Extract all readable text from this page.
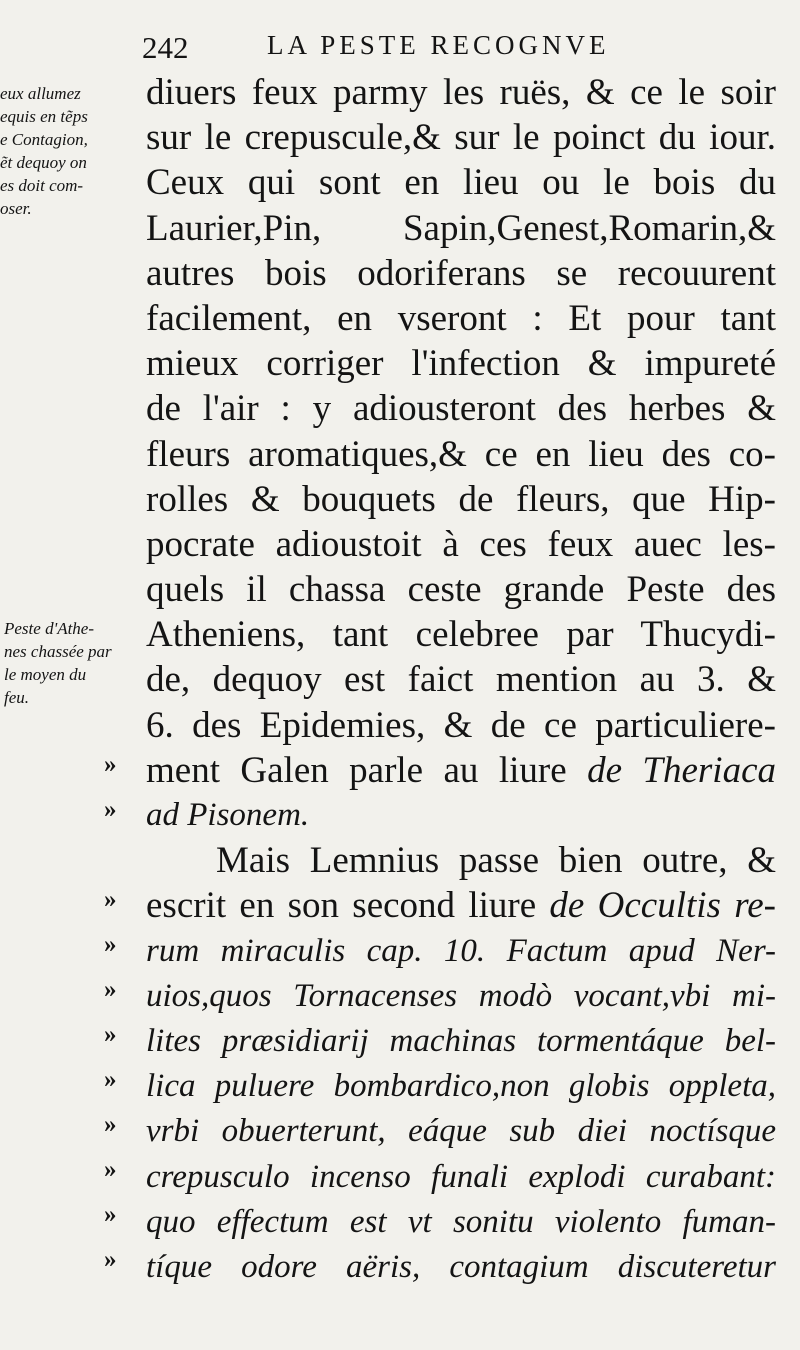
242	LA PESTE RECOGNVE
eux allumez
equis en tẽps
e Contagion,
ẽt dequoy on
es doit com-
oser.
Peste d'Athe-
nes chassée par
le moyen du
feu.
»
»
»
»
»
»
»
»
»
»
»
diuers feux parmy les ruës, & ce le soir
sur le crepuscule,& sur le poinct du iour.
Ceux qui sont en lieu ou le bois du
Laurier,Pin, Sapin,Genest,Romarin,&
autres bois odoriferans se recouurent
facilement, en vseront : Et pour tant
mieux corriger l'infection & impureté
de l'air : y adiousteront des herbes &
fleurs aromatiques,& ce en lieu des co-
rolles & bouquets de fleurs, que Hip-
pocrate adioustoit à ces feux auec les-
quels il chassa ceste grande Peste des
Atheniens, tant celebree par Thucydi-
de, dequoy est faict mention au 3. &
6. des Epidemies, & de ce particuliere-
ment Galen parle au liure de Theriaca
ad Pisonem.
Mais Lemnius passe bien outre, &
escrit en son second liure de Occultis re-
rum miraculis cap. 10. Factum apud Ner-
uios,quos Tornacenses modò vocant,vbi mi-
lites præsidiarij machinas tormentáque bel-
lica puluere bombardico,non globis oppleta,
vrbi obuerterunt, eáque sub diei noctísque
crepusculo incenso funali explodi curabant:
quo effectum est vt sonitu violento fuman-
tíque odore aëris, contagium discuteretur
